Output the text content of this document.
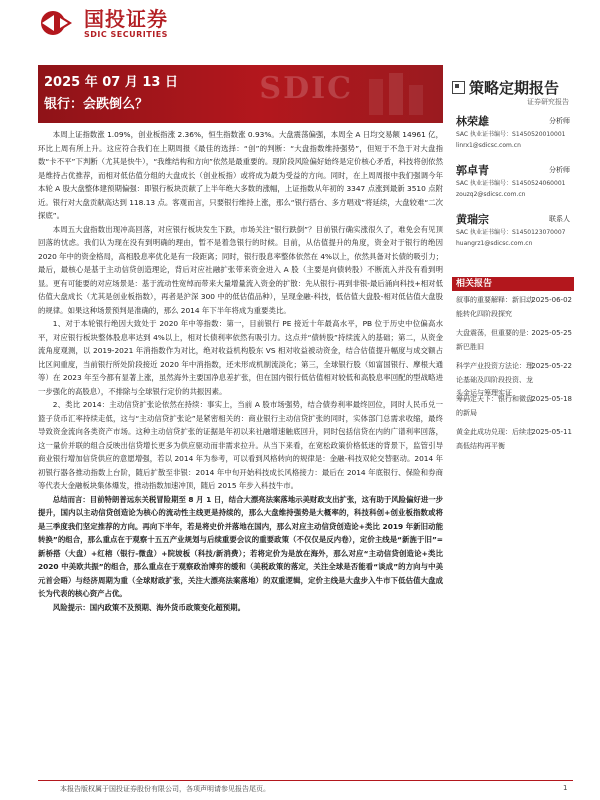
国投证券
SDIC SECURITIES
SDIC
2025 年 07 月 13 日
银行：会跌倒么？
策略定期报告
证券研究报告
林荣雄	分析师
SAC 执业证书编号：S1450520010001
linrx1@sdicsc.com.cn
郭卓青	分析师
SAC 执业证书编号：S1450524060001
zouzq2@sdicsc.com.cn
黄瑞宗	联系人
SAC 执业证书编号：S1450123070007
huangrz1@sdicsc.com.cn
相关报告
叙事的重要解释：新旧动能转化四阶段探究
2025-06-02
大盘震荡，但重要的是：新巴胜旧
2025-05-25
科学产业投资方法论：理论基础及四阶段投资、龙头金运与筹理实证
2025-05-22
筹码定天下：银行和微盘的新局
2025-05-18
黄金此成功兑现：后续走高低结构再平衡
2025-05-11

本周上证指数涨 1.09%，创业板指涨 2.36%，恒生指数涨 0.93%。大盘震荡偏强，本周全 A 日均交易额 14961 亿，环比上周有所上升。这应符合我们在上期周报《最佳的选择：“创”的判断：“大盘指数维持强势”，但短于不急于对大盘指数“卡不平”下判断（尤其是快牛），“我维结构和方向”依然是最重要的。现阶段风险偏好始终是定价核心矛盾，科技将创依然是维持占优推荐，而相对低估值分组的大盘成长（创业板指）或将成为最为受益的方向。同时，在上周周报中我们强调今年本轮 A 股大盘整体建预期偏强：即银行板块贡献了上半年绝大多数的涨幅，上证指数从年初的 3347 点涨到最新 3510 点附近。银行对大盘贡献高达到 118.13 点。客观而言，只要银行维持上涨，那么“银行搭台、多方唱戏”将延续，大盘较难“二次探底”。

本周五大盘指数出现冲高回落，对应银行板块发生下跌，市场关注“银行跌倒”？目前银行确实涨很久了，难免会有见顶回落的忧虑。我们认为现在没有到明确的理由，暂不是着急银行的时候。目前，从估值提升的角度，资金对于银行的绝因 2020 年中的资金格局，高相股息率优化是有一段距离；同时，银行股息率整体依然在 4%以上，依然具备对长债的吸引力；最后，最核心是基于主动信贷创造理论，背后对应社融扩张带来资金进入 A 股（主要是向债转股）不断流入并没有看到明显。更有可能要的对应场景是：基于流动性宽绰而带来大量增量流入资金的扩散：先从银行-再到非银-最后涌向科技+相对低估值大盘成长（尤其是创业板指数），再者是沪深 300 中的低估值品种），呈现金融-科技，低估值大盘股-相对低估值大盘股的规律。如果这种场景预判是准确的，那么 2014 年下半年将成为重要类比。

1、对于本轮银行绝因大致处于 2020 年中等指数：第一，目前银行 PE 接近十年最高水平，PB 位于历史中位偏高水平，对应银行板块整体股息率达到 4%以上，相对长债利率依然有吸引力。这点并“债转股”持续流入的基础；第二，从资金流角度观测，以 2019-2021 年消指数作为对比，绝对收益机构股东 VS 相对收益被动资金，结合估值提升幅度与成交额占比区间重度，当前银行所处阶段接近 2020 年中消指数，还未形成机制流淡化；第三，全球银行股（如富国银行、摩根大通等）在 2023 年至今都有显著上涨，虽然海外主要国净息差扩张，但在国内银行低估值相对较低和高股息率回配的型战略进一步强化的高股息），不排除与全球银行定价的共振因素。

2、类比 2014：主动信贷扩张论依然在持续：事实上，当前 A 股市场强势，结合债券利率最终回位，同时人民币兑一篮子货币汇率持续走低，这与“主动信贷扩张论”是紧密相关的：商业银行主动信贷扩张的同时，实体部门总需求收缩，最终导致资金流向各类资产市场。这种主动信贷扩张的证据是年初以来社融增速触底回升，同时包括信贷在内的广谱利率回落，这一量价并联的组合反映出信贷增长更多为供应驱动而非需求拉升。从当下来看，在宽松政策价格低迷的背景下，监管引导商业银行增加信贷供应的意愿增强，若以 2014 年为参考，可以看到风格转向的规律是：金融-科技双轮交替驱动。2014 年初银行器各推动指数上台阶，随后扩散至非银：2014 年中旬开始科技成长风格接力：最后在 2014 年底银行、保险和券商等代表大金融板块集体爆发，推动指数加速冲顶，随后 2015 年步入科技牛市。

总结而言：目前特朗普远东关税冒险期至 8 月 1 日，结合大漂亮法案落地示美财政支出扩张，这有助于风险偏好进一步提升，国内以主动信贷创造论为核心的流动性主线更是持续的，那么大盘维持强势是大概率的，科技科创+创业板指数或将是三季度我们坚定推荐的方向。再向下半年，若是将史价并落地在国内，那么对应主动信贷创造论+类比 2019 年新旧动能转换”的组合，那么重点在于观察十五五产业规划与后续重要会议的重要政策（不仅仅是反内卷），定价主线是“新旌于旧”=新桥搭（大盘）+红榕（银行-微盘）+院坡板（科技/新消费）；若将定价为是放在海外，那么对应“主动信贷创造论+类比 2020 中美欧共振”的组合，那么重点在于观察政治博弈的缓和（美税政策的落定，关注全球是否能看“谈成”的方向与中美元首会晤）与经济周期为重（全球财政扩张，关注大漂亮法案落地）的双重逻辑，定价主线是大盘步入牛市下低估值大盘成长为代表的核心资产占优。

风险提示：国内政策不及预期、海外货币政策变化超预期。

本报告版权属于国投证券股份有限公司，各项声明请参见报告尾页。	1
